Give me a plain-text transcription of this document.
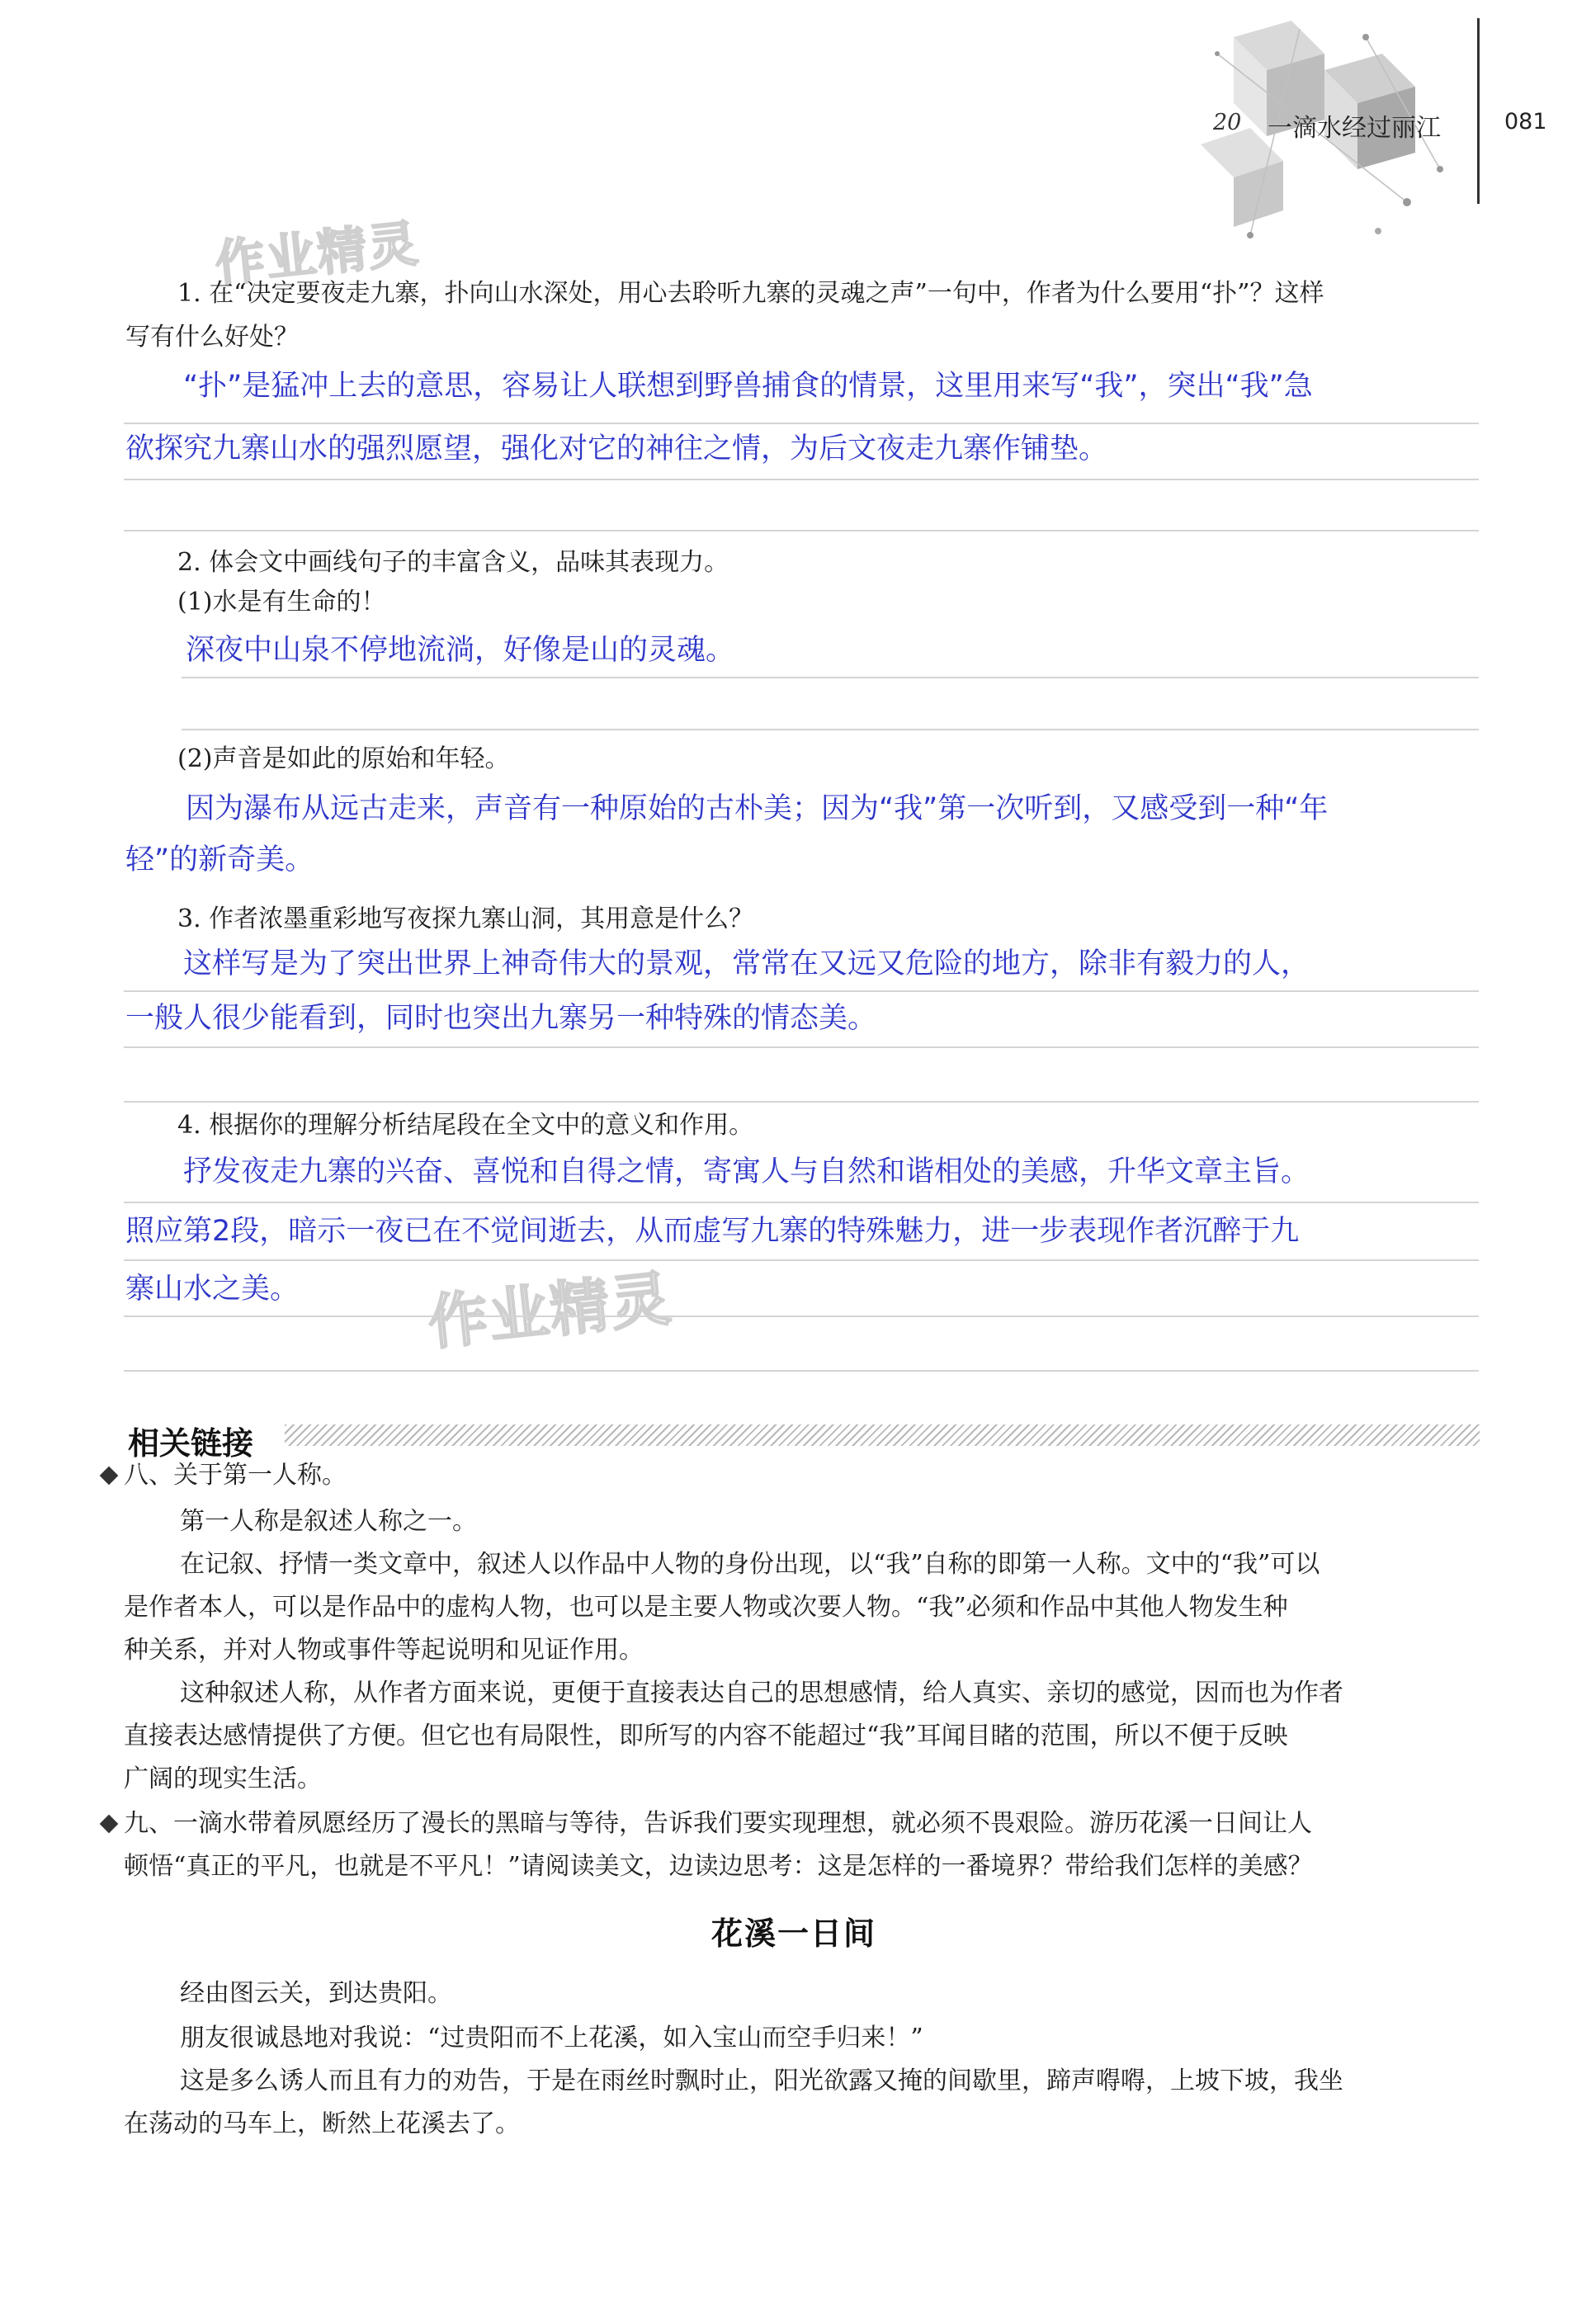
20 一滴水经过丽江	081
作业精灵
作业精灵
1. 在“决定要夜走九寨，扑向山水深处，用心去聆听九寨的灵魂之声”一句中，作者为什么要用“扑”？这样
写有什么好处？
“扑”是猛冲上去的意思，容易让人联想到野兽捕食的情景，这里用来写“我”，突出“我”急
欲探究九寨山水的强烈愿望，强化对它的神往之情，为后文夜走九寨作铺垫。
2. 体会文中画线句子的丰富含义，品味其表现力。
(1)水是有生命的！
深夜中山泉不停地流淌，好像是山的灵魂。
(2)声音是如此的原始和年轻。
因为瀑布从远古走来，声音有一种原始的古朴美；因为“我”第一次听到，又感受到一种“年
轻”的新奇美。
3. 作者浓墨重彩地写夜探九寨山洞，其用意是什么？
这样写是为了突出世界上神奇伟大的景观，常常在又远又危险的地方，除非有毅力的人，
一般人很少能看到，同时也突出九寨另一种特殊的情态美。
4. 根据你的理解分析结尾段在全文中的意义和作用。
抒发夜走九寨的兴奋、喜悦和自得之情，寄寓人与自然和谐相处的美感，升华文章主旨。
照应第2段，暗示一夜已在不觉间逝去，从而虚写九寨的特殊魅力，进一步表现作者沉醉于九
寨山水之美。
相关链接
八、关于第一人称。
第一人称是叙述人称之一。
在记叙、抒情一类文章中，叙述人以作品中人物的身份出现，以“我”自称的即第一人称。文中的“我”可以
是作者本人，可以是作品中的虚构人物，也可以是主要人物或次要人物。“我”必须和作品中其他人物发生种
种关系，并对人物或事件等起说明和见证作用。
这种叙述人称，从作者方面来说，更便于直接表达自己的思想感情，给人真实、亲切的感觉，因而也为作者
直接表达感情提供了方便。但它也有局限性，即所写的内容不能超过“我”耳闻目睹的范围，所以不便于反映
广阔的现实生活。
九、一滴水带着夙愿经历了漫长的黑暗与等待，告诉我们要实现理想，就必须不畏艰险。游历花溪一日间让人
顿悟“真正的平凡，也就是不平凡！”请阅读美文，边读边思考：这是怎样的一番境界？带给我们怎样的美感？
花溪一日间
经由图云关，到达贵阳。
朋友很诚恳地对我说：“过贵阳而不上花溪，如入宝山而空手归来！”
这是多么诱人而且有力的劝告，于是在雨丝时飘时止，阳光欲露又掩的间歇里，蹄声嘚嘚，上坡下坡，我坐
在荡动的马车上，断然上花溪去了。
